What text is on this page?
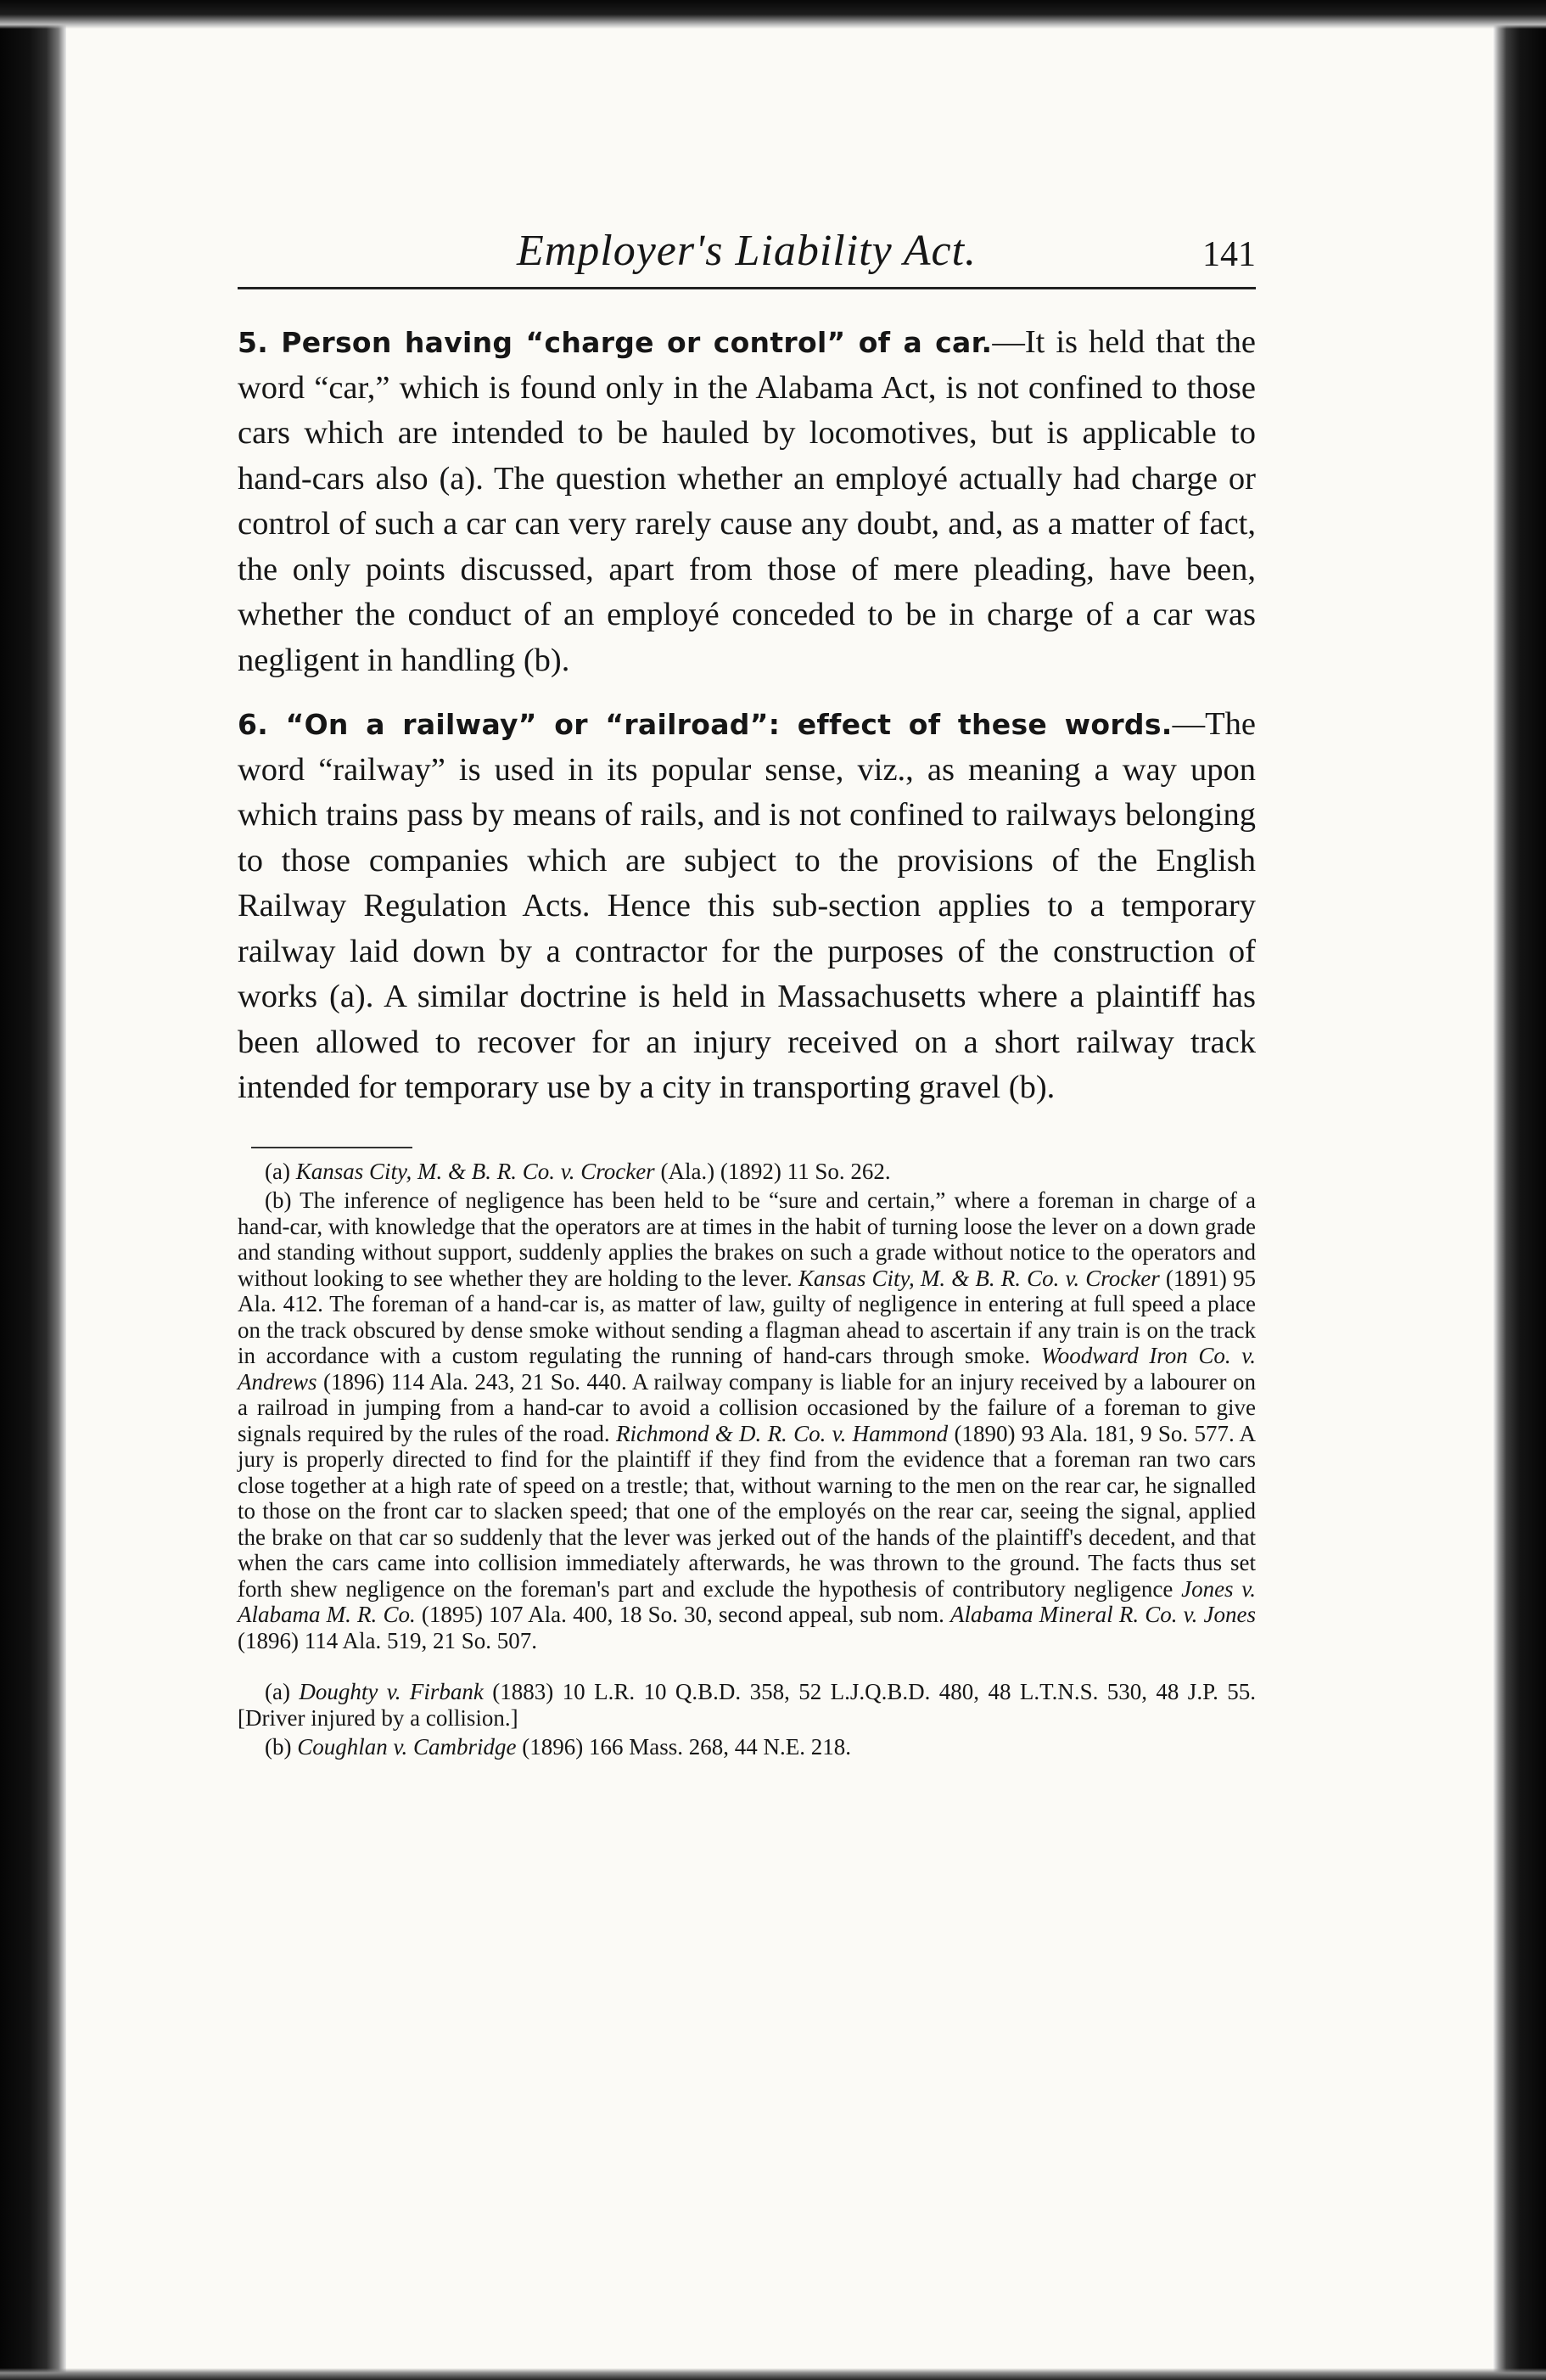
Employer's Liability Act.	141

5. Person having “charge or control” of a car.—It is held that the word “car,” which is found only in the Alabama Act, is not confined to those cars which are intended to be hauled by locomotives, but is applicable to hand-cars also (a). The question whether an employé actually had charge or control of such a car can very rarely cause any doubt, and, as a matter of fact, the only points discussed, apart from those of mere pleading, have been, whether the conduct of an employé conceded to be in charge of a car was negligent in handling (b).

6. “On a railway” or “railroad”: effect of these words.—The word “railway” is used in its popular sense, viz., as meaning a way upon which trains pass by means of rails, and is not confined to railways belonging to those companies which are subject to the provisions of the English Railway Regulation Acts. Hence this sub-section applies to a temporary railway laid down by a contractor for the purposes of the construction of works (a). A similar doctrine is held in Massachusetts where a plaintiff has been allowed to recover for an injury received on a short railway track intended for temporary use by a city in transporting gravel (b).

(a) Kansas City, M. & B. R. Co. v. Crocker (Ala.) (1892) 11 So. 262.

(b) The inference of negligence has been held to be “sure and certain,” where a foreman in charge of a hand-car, with knowledge that the operators are at times in the habit of turning loose the lever on a down grade and standing without support, suddenly applies the brakes on such a grade without notice to the operators and without looking to see whether they are holding to the lever. Kansas City, M. & B. R. Co. v. Crocker (1891) 95 Ala. 412. The foreman of a hand-car is, as matter of law, guilty of negligence in entering at full speed a place on the track obscured by dense smoke without sending a flagman ahead to ascertain if any train is on the track in accordance with a custom regulating the running of hand-cars through smoke. Woodward Iron Co. v. Andrews (1896) 114 Ala. 243, 21 So. 440. A railway company is liable for an injury received by a labourer on a railroad in jumping from a hand-car to avoid a collision occasioned by the failure of a foreman to give signals required by the rules of the road. Richmond & D. R. Co. v. Hammond (1890) 93 Ala. 181, 9 So. 577. A jury is properly directed to find for the plaintiff if they find from the evidence that a foreman ran two cars close together at a high rate of speed on a trestle; that, without warning to the men on the rear car, he signalled to those on the front car to slacken speed; that one of the employés on the rear car, seeing the signal, applied the brake on that car so suddenly that the lever was jerked out of the hands of the plaintiff's decedent, and that when the cars came into collision immediately afterwards, he was thrown to the ground. The facts thus set forth shew negligence on the foreman's part and exclude the hypothesis of contributory negligence Jones v. Alabama M. R. Co. (1895) 107 Ala. 400, 18 So. 30, second appeal, sub nom. Alabama Mineral R. Co. v. Jones (1896) 114 Ala. 519, 21 So. 507.

(a) Doughty v. Firbank (1883) 10 L.R. 10 Q.B.D. 358, 52 L.J.Q.B.D. 480, 48 L.T.N.S. 530, 48 J.P. 55. [Driver injured by a collision.]

(b) Coughlan v. Cambridge (1896) 166 Mass. 268, 44 N.E. 218.
